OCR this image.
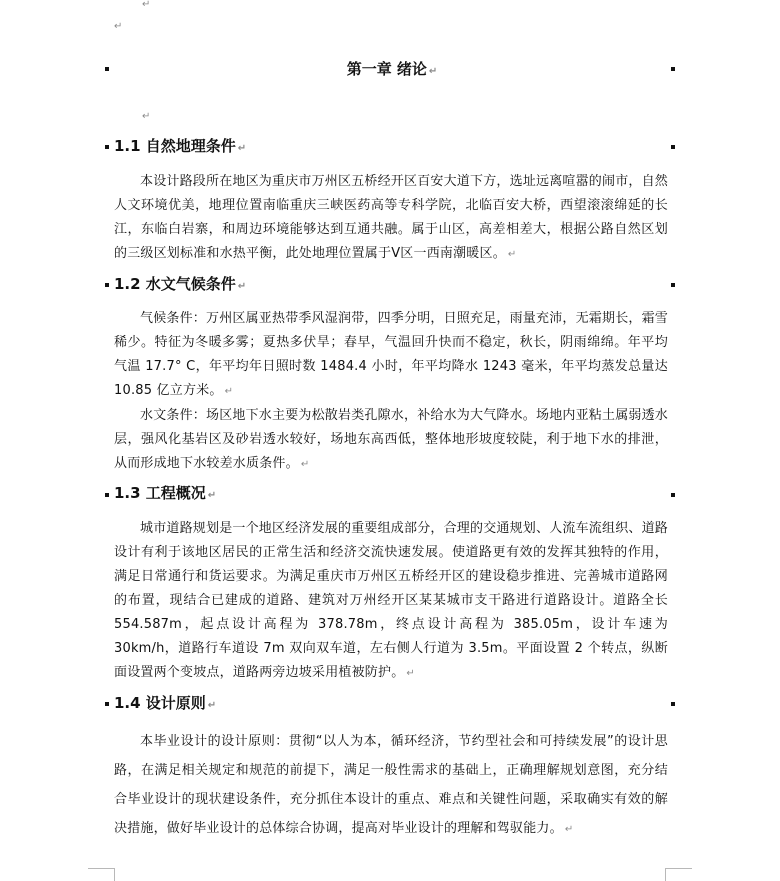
↵
↵
第一章 绪论 ↵
↵
1.1 自然地理条件 ↵
本设计路段所在地区为重庆市万州区五桥经开区百安大道下方，选址远离喧嚣的闹市，自然人文环境优美，地理位置南临重庆三峡医药高等专科学院，北临百安大桥，西望滚滚绵延的长江，东临白岩寨，和周边环境能够达到互通共融。属于山区，高差相差大，根据公路自然区划的三级区划标准和水热平衡，此处地理位置属于Ⅴ区一西南潮暖区。 ↵
1.2 水文气候条件 ↵
气候条件：万州区属亚热带季风湿润带，四季分明，日照充足，雨量充沛，无霜期长，霜雪稀少。特征为冬暖多雾；夏热多伏旱；春早，气温回升快而不稳定，秋长，阴雨绵绵。年平均气温 17.7° C，年平均年日照时数 1484.4 小时，年平均降水 1243 毫米，年平均蒸发总量达 10.85 亿立方米。 ↵
水文条件：场区地下水主要为松散岩类孔隙水，补给水为大气降水。场地内亚粘土属弱透水层，强风化基岩区及砂岩透水较好，场地东高西低，整体地形坡度较陡，利于地下水的排泄，从而形成地下水较差水质条件。 ↵
1.3 工程概况 ↵
城市道路规划是一个地区经济发展的重要组成部分，合理的交通规划、人流车流组织、道路设计有利于该地区居民的正常生活和经济交流快速发展。使道路更有效的发挥其独特的作用，满足日常通行和货运要求。为满足重庆市万州区五桥经开区的建设稳步推进、完善城市道路网的布置，现结合已建成的道路、建筑对万州经开区某某城市支干路进行道路设计。道路全长 554.587m，起点设计高程为 378.78m，终点设计高程为 385.05m，设计车速为 30km/h，道路行车道设 7m 双向双车道，左右侧人行道为 3.5m。平面设置 2 个转点，纵断面设置两个变坡点，道路两旁边坡采用植被防护。 ↵
1.4 设计原则 ↵
本毕业设计的设计原则：贯彻“以人为本，循环经济，节约型社会和可持续发展”的设计思路，在满足相关规定和规范的前提下，满足一般性需求的基础上，正确理解规划意图，充分结合毕业设计的现状建设条件，充分抓住本设计的重点、难点和关键性问题，采取确实有效的解决措施，做好毕业设计的总体综合协调，提高对毕业设计的理解和驾驭能力。 ↵
